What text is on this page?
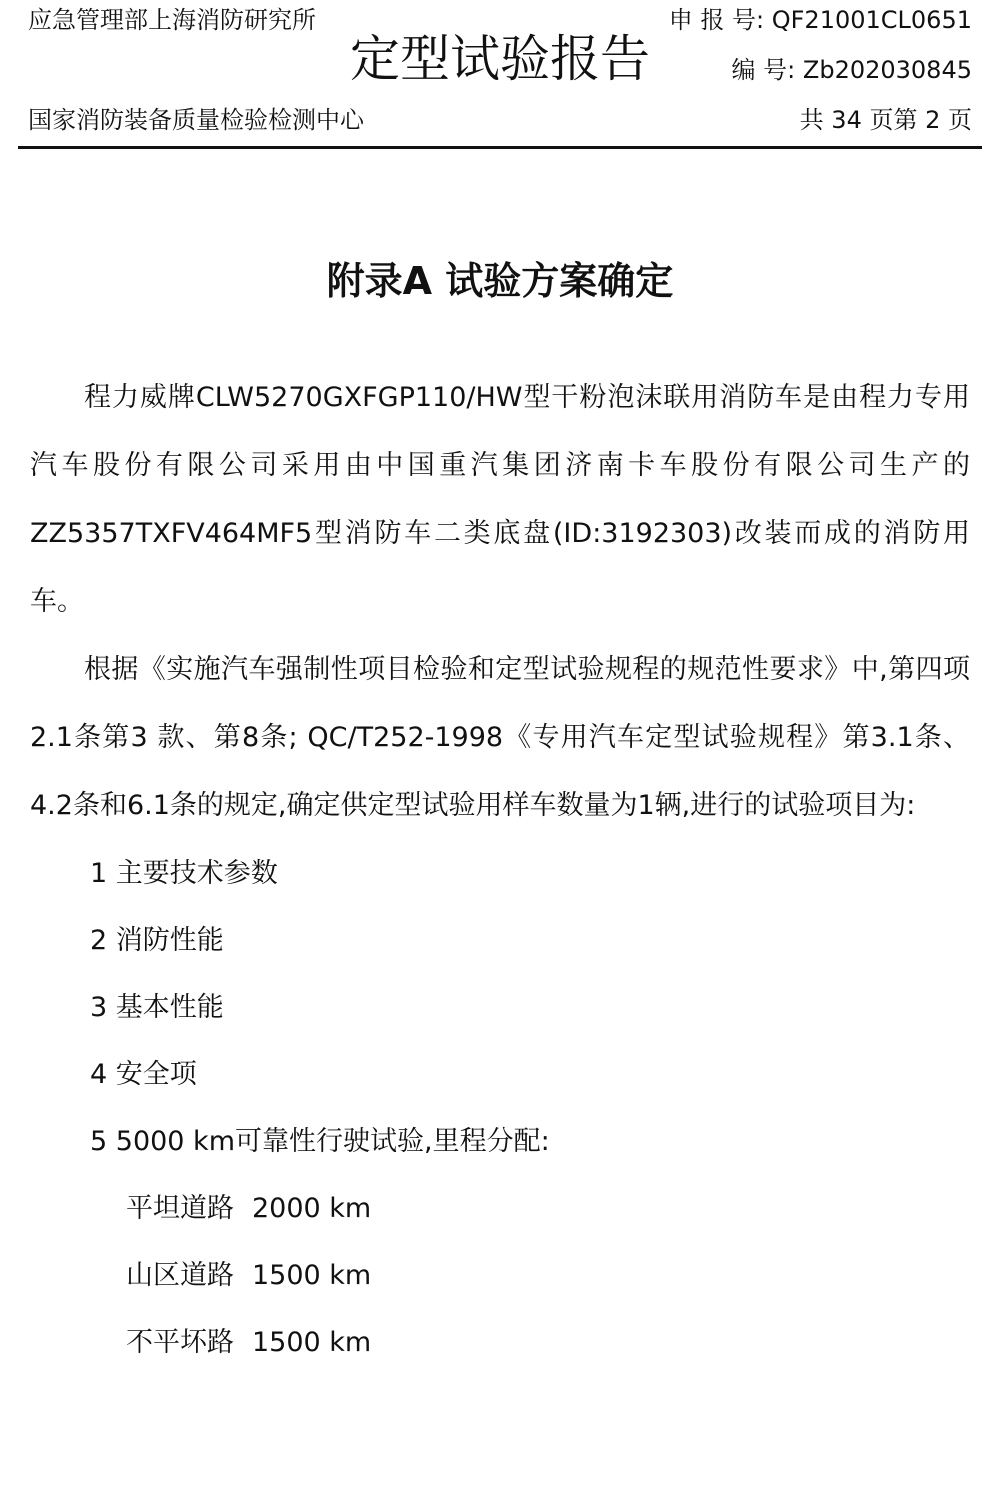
应急管理部上海消防研究所
国家消防装备质量检验检测中心
定型试验报告
申 报 号: QF21001CL0651
编 号: Zb202030845
共 34 页第 2 页
附录A 试验方案确定

程力威牌CLW5270GXFGP110/HW型干粉泡沫联用消防车是由程力专用汽车股份有限公司采用由中国重汽集团济南卡车股份有限公司生产的ZZ5357TXFV464MF5型消防车二类底盘(ID:3192303)改装而成的消防用车。

根据《实施汽车强制性项目检验和定型试验规程的规范性要求》中,第四项2.1条第3 款、第8条; QC/T252-1998《专用汽车定型试验规程》第3.1条、4.2条和6.1条的规定,确定供定型试验用样车数量为1辆,进行的试验项目为:

1 主要技术参数

2 消防性能

3 基本性能

4 安全项

5 5000 km可靠性行驶试验,里程分配:

平坦道路 2000 km

山区道路 1500 km

不平坏路 1500 km
